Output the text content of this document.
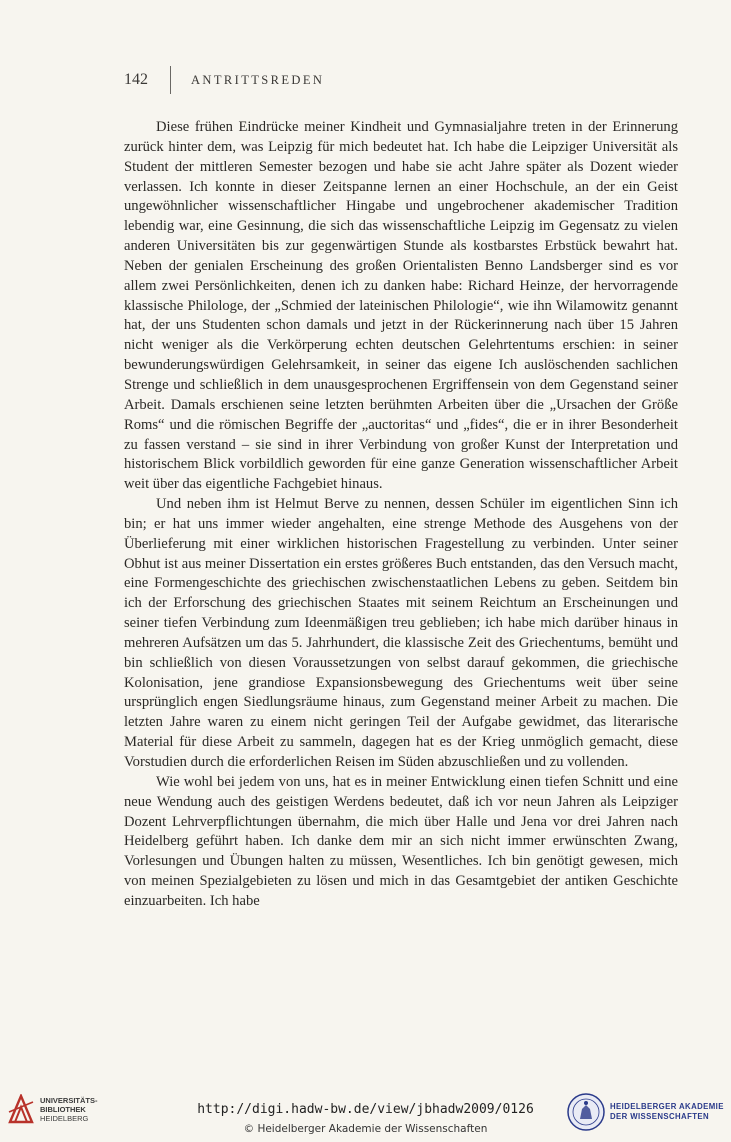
142	ANTRITTSREDEN

Diese frühen Eindrücke meiner Kindheit und Gymnasialjahre treten in der Erinnerung zurück hinter dem, was Leipzig für mich bedeutet hat. Ich habe die Leipziger Universität als Student der mittleren Semester bezogen und habe sie acht Jahre später als Dozent wieder verlassen. Ich konnte in dieser Zeitspanne lernen an einer Hochschule, an der ein Geist ungewöhnlicher wissenschaftlicher Hingabe und ungebrochener akademischer Tradition lebendig war, eine Gesinnung, die sich das wissenschaftliche Leipzig im Gegensatz zu vielen anderen Universitäten bis zur gegenwärtigen Stunde als kostbarstes Erbstück bewahrt hat. Neben der genialen Erscheinung des großen Orientalisten Benno Landsberger sind es vor allem zwei Persönlichkeiten, denen ich zu danken habe: Richard Heinze, der hervorragende klassische Philologe, der „Schmied der lateinischen Philologie“, wie ihn Wilamowitz genannt hat, der uns Studenten schon damals und jetzt in der Rückerinnerung nach über 15 Jahren nicht weniger als die Verkörperung echten deutschen Gelehrtentums erschien: in seiner bewunderungswürdigen Gelehrsamkeit, in seiner das eigene Ich auslöschenden sachlichen Strenge und schließlich in dem unausgesprochenen Ergriffensein von dem Gegenstand seiner Arbeit. Damals erschienen seine letzten berühmten Arbeiten über die „Ursachen der Größe Roms“ und die römischen Begriffe der „auctoritas“ und „fides“, die er in ihrer Besonderheit zu fassen verstand – sie sind in ihrer Verbindung von großer Kunst der Interpretation und historischem Blick vorbildlich geworden für eine ganze Generation wissenschaftlicher Arbeit weit über das eigentliche Fachgebiet hinaus.

Und neben ihm ist Helmut Berve zu nennen, dessen Schüler im eigentlichen Sinn ich bin; er hat uns immer wieder angehalten, eine strenge Methode des Ausgehens von der Überlieferung mit einer wirklichen historischen Fragestellung zu verbinden. Unter seiner Obhut ist aus meiner Dissertation ein erstes größeres Buch entstanden, das den Versuch macht, eine Formengeschichte des griechischen zwischenstaatlichen Lebens zu geben. Seitdem bin ich der Erforschung des griechischen Staates mit seinem Reichtum an Erscheinungen und seiner tiefen Verbindung zum Ideenmäßigen treu geblieben; ich habe mich darüber hinaus in mehreren Aufsätzen um das 5. Jahrhundert, die klassische Zeit des Griechentums, bemüht und bin schließlich von diesen Voraussetzungen von selbst darauf gekommen, die griechische Kolonisation, jene grandiose Expansionsbewegung des Griechentums weit über seine ursprünglich engen Siedlungsräume hinaus, zum Gegenstand meiner Arbeit zu machen. Die letzten Jahre waren zu einem nicht geringen Teil der Aufgabe gewidmet, das literarische Material für diese Arbeit zu sammeln, dagegen hat es der Krieg unmöglich gemacht, diese Vorstudien durch die erforderlichen Reisen im Süden abzuschließen und zu vollenden.

Wie wohl bei jedem von uns, hat es in meiner Entwicklung einen tiefen Schnitt und eine neue Wendung auch des geistigen Werdens bedeutet, daß ich vor neun Jahren als Leipziger Dozent Lehrverpflichtungen übernahm, die mich über Halle und Jena vor drei Jahren nach Heidelberg geführt haben. Ich danke dem mir an sich nicht immer erwünschten Zwang, Vorlesungen und Übungen halten zu müssen, Wesentliches. Ich bin genötigt gewesen, mich von meinen Spezialgebieten zu lösen und mich in das Gesamtgebiet der antiken Geschichte einzuarbeiten. Ich habe

UNIVERSITÄTS-
BIBLIOTHEK
HEIDELBERG
http://digi.hadw-bw.de/view/jbhadw2009/0126
© Heidelberger Akademie der Wissenschaften
HEIDELBERGER AKADEMIE
DER WISSENSCHAFTEN
